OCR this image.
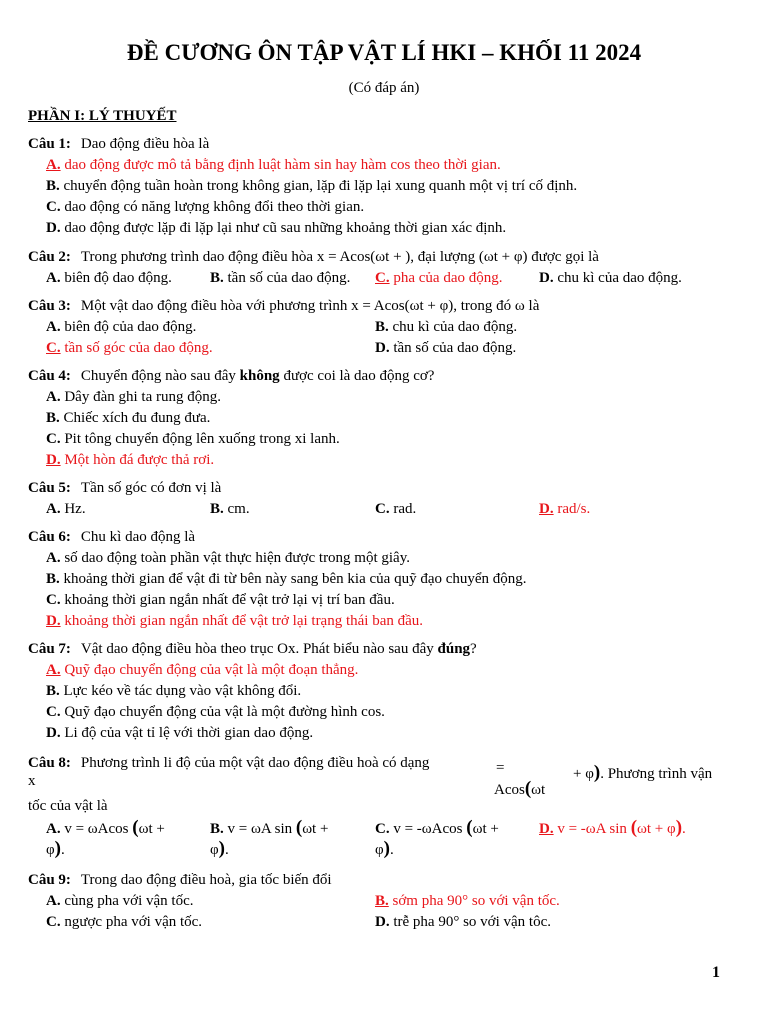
ĐỀ CƯƠNG ÔN TẬP VẬT LÍ HKI – KHỐI 11 2024
(Có đáp án)
PHẦN I: LÝ THUYẾT
Câu 1: Dao động điều hòa là
A. dao động được mô tả bằng định luật hàm sin hay hàm cos theo thời gian.
B. chuyển động tuần hoàn trong không gian, lặp đi lặp lại xung quanh một vị trí cố định.
C. dao động có năng lượng không đổi theo thời gian.
D. dao động được lặp đi lặp lại như cũ sau những khoảng thời gian xác định.
Câu 2: Trong phương trình dao động điều hòa x = Acos(ωt + ), đại lượng (ωt + φ) được gọi là
A. biên độ dao động.	B. tần số của dao động. C. pha của dao động. D. chu kì của dao động.
Câu 3: Một vật dao động điều hòa với phương trình x = Acos(ωt + φ), trong đó ω là
A. biên độ của dao động.	B. chu kì của dao động.
C. tần số góc của dao động.	D. tần số của dao động.
Câu 4: Chuyển động nào sau đây không được coi là dao động cơ?
A. Dây đàn ghi ta rung động.
B. Chiếc xích đu đung đưa.
C. Pit tông chuyển động lên xuống trong xi lanh.
D. Một hòn đá được thả rơi.
Câu 5: Tần số góc có đơn vị là
A. Hz.	B. cm.	C. rad.	D. rad/s.
Câu 6: Chu kì dao động là
A. số dao động toàn phần vật thực hiện được trong một giây.
B. khoảng thời gian để vật đi từ bên này sang bên kia của quỹ đạo chuyển động.
C. khoảng thời gian ngắn nhất để vật trở lại vị trí ban đầu.
D. khoảng thời gian ngắn nhất để vật trở lại trạng thái ban đầu.
Câu 7: Vật dao động điều hòa theo trục Ox. Phát biểu nào sau đây đúng?
A. Quỹ đạo chuyển động của vật là một đoạn thẳng.
B. Lực kéo về tác dụng vào vật không đổi.
C. Quỹ đạo chuyển động của vật là một đường hình cos.
D. Li độ của vật tỉ lệ với thời gian dao động.
Câu 8: Phương trình li độ của một vật dao động điều hoà có dạng
x
=
Acos(ωt
+ φ). Phương trình vận
tốc của vật là
A. v = ωAcos (ωt +
φ).
B. v = ωA sin (ωt +
φ).
C. v = -ωAcos (ωt +
φ).
D. v = -ωA sin (ωt + φ).
Câu 9: Trong dao động điều hoà, gia tốc biến đổi
A. cùng pha với vận tốc.	B. sớm pha 90° so với vận tốc.
C. ngược pha với vận tốc.	D. trễ pha 90° so với vận tôc.
1
